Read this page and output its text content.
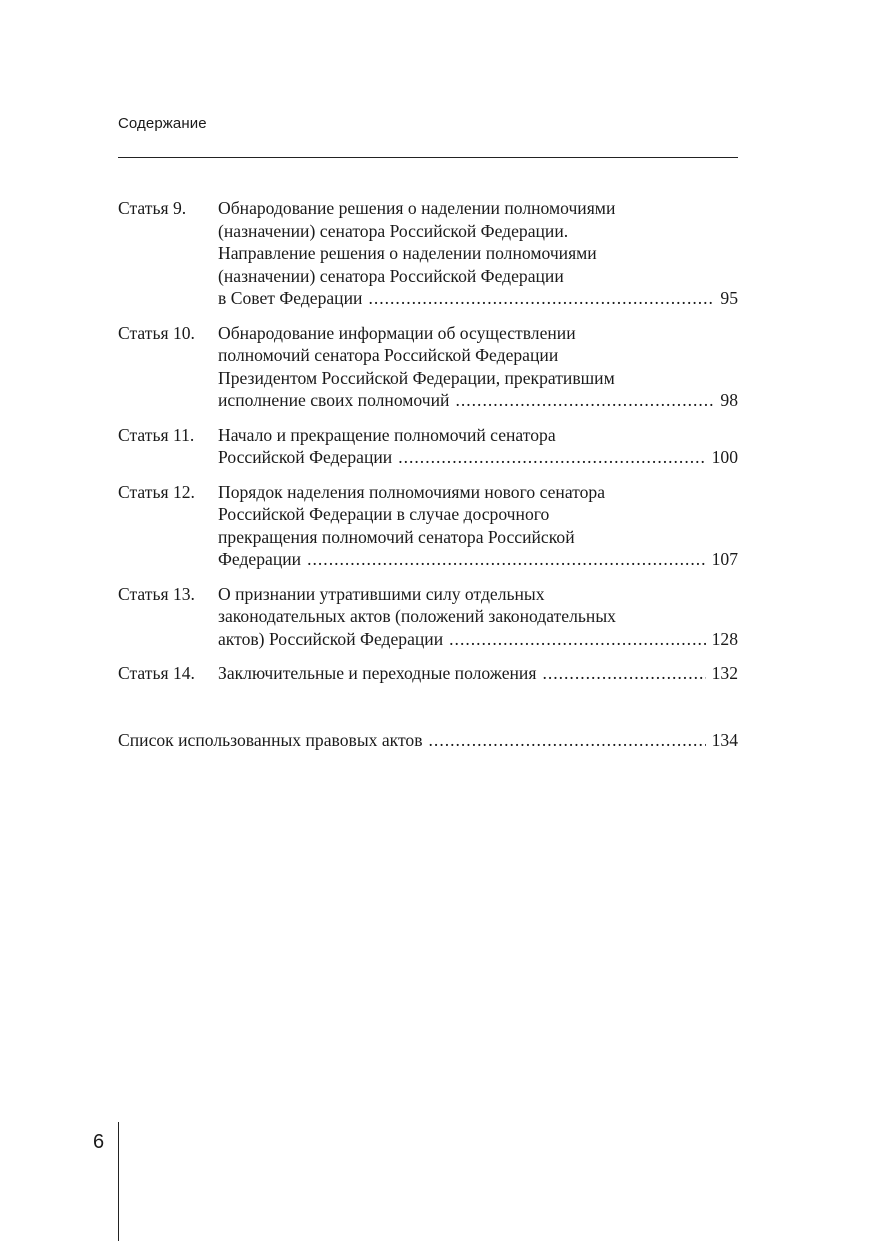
Содержание
Статья 9.	Обнародование решения о наделении полномочиями
(назначении) сенатора Российской Федерации.
Направление решения о наделении полномочиями
(назначении) сенатора Российской Федерации
в Совет Федерации .....	95
Статья 10.	Обнародование информации об осуществлении
полномочий сенатора Российской Федерации
Президентом Российской Федерации, прекратившим
исполнение своих полномочий .....	98
Статья 11.	Начало и прекращение полномочий сенатора
Российской Федерации .....	100
Статья 12.	Порядок наделения полномочиями нового сенатора
Российской Федерации в случае досрочного
прекращения полномочий сенатора Российской
Федерации .....	107
Статья 13.	О признании утратившими силу отдельных
законодательных актов (положений законодательных
актов) Российской Федерации .....	128
Статья 14.	Заключительные и переходные положения .....	132
Список использованных правовых актов .....	134
6
